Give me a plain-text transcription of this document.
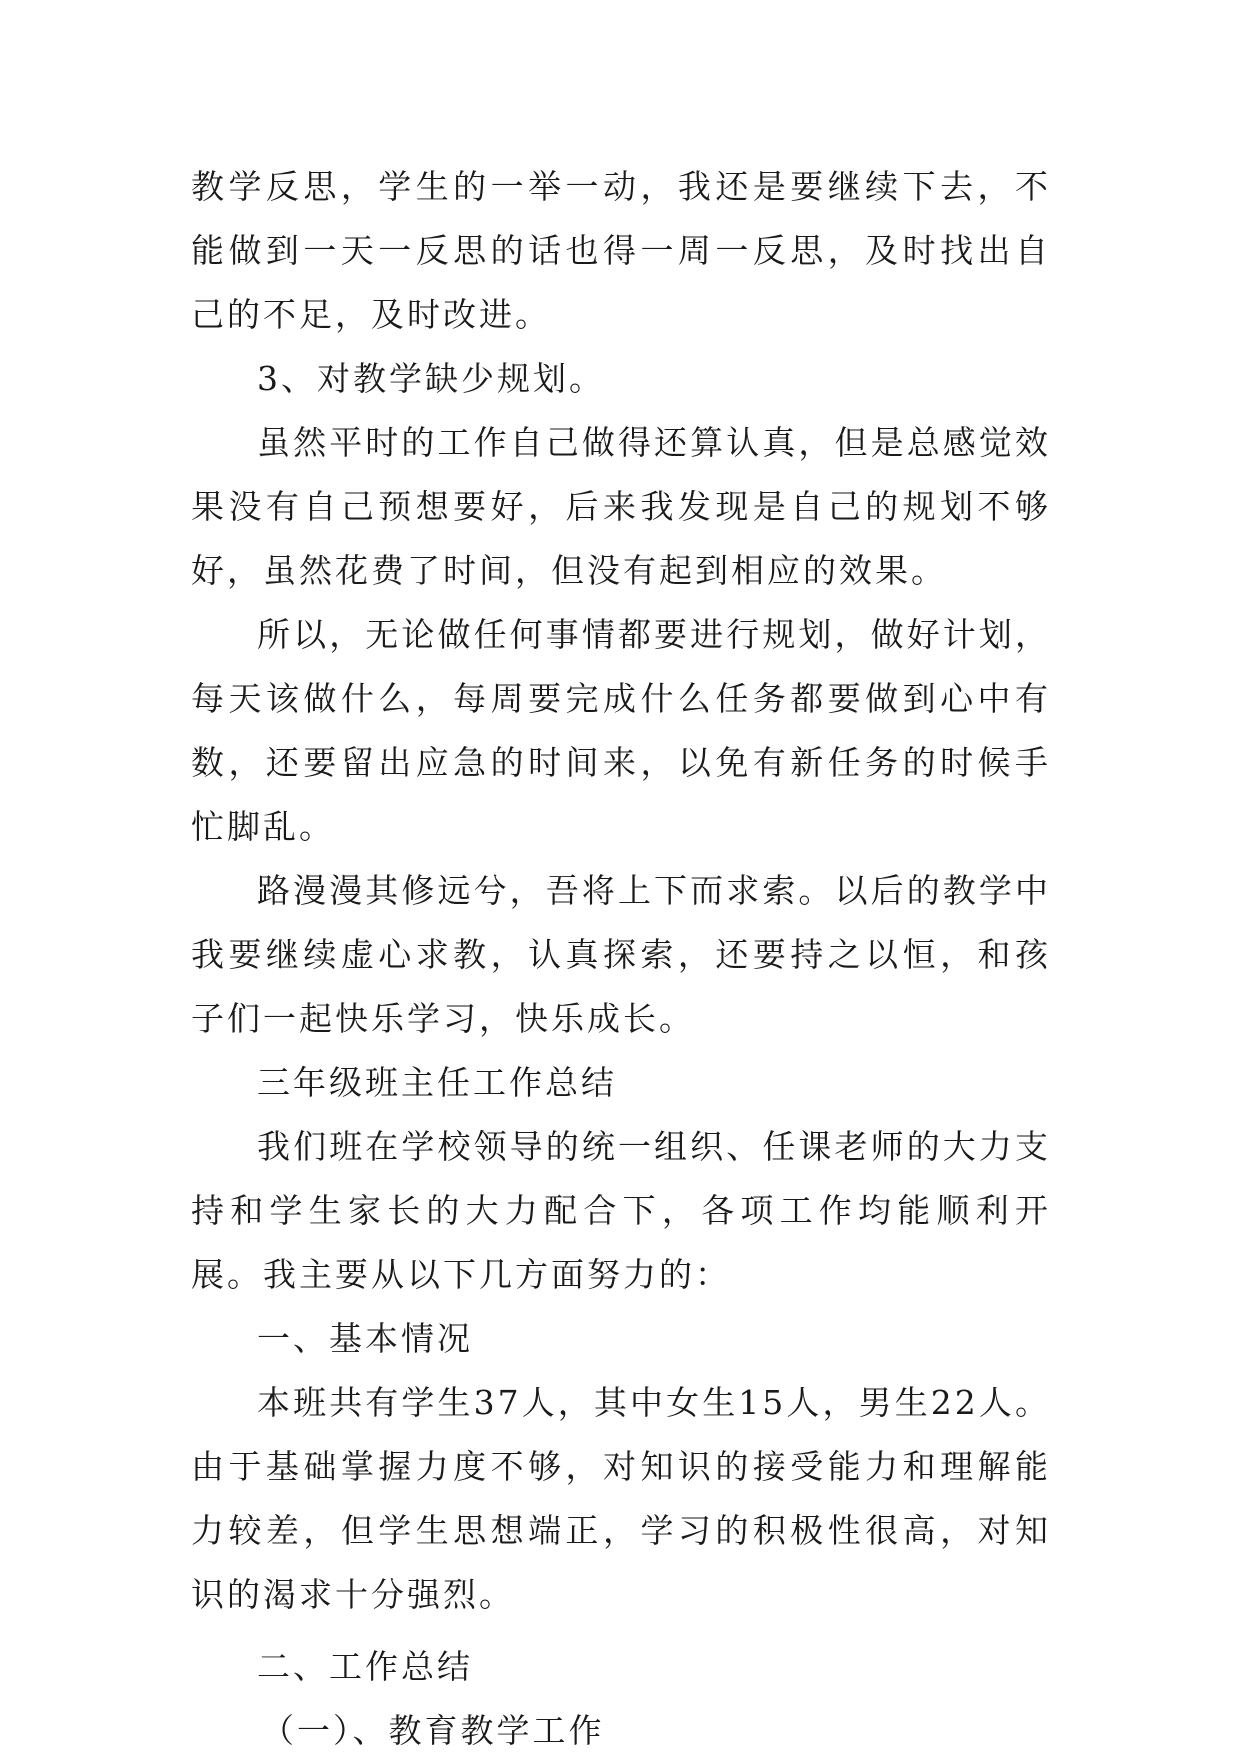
教学反思，学生的一举一动，我还是要继续下去，不能做到一天一反思的话也得一周一反思，及时找出自己的不足，及时改进。

3、对教学缺少规划。

虽然平时的工作自己做得还算认真，但是总感觉效果没有自己预想要好，后来我发现是自己的规划不够好，虽然花费了时间，但没有起到相应的效果。

所以，无论做任何事情都要进行规划，做好计划，每天该做什么，每周要完成什么任务都要做到心中有数，还要留出应急的时间来，以免有新任务的时候手忙脚乱。

路漫漫其修远兮，吾将上下而求索。以后的教学中我要继续虚心求教，认真探索，还要持之以恒，和孩子们一起快乐学习，快乐成长。

三年级班主任工作总结

我们班在学校领导的统一组织、任课老师的大力支持和学生家长的大力配合下，各项工作均能顺利开展。我主要从以下几方面努力的：

一、基本情况

本班共有学生37人，其中女生15人，男生22人。由于基础掌握力度不够，对知识的接受能力和理解能力较差，但学生思想端正，学习的积极性很高，对知识的渴求十分强烈。

二、工作总结

（一）、教育教学工作
